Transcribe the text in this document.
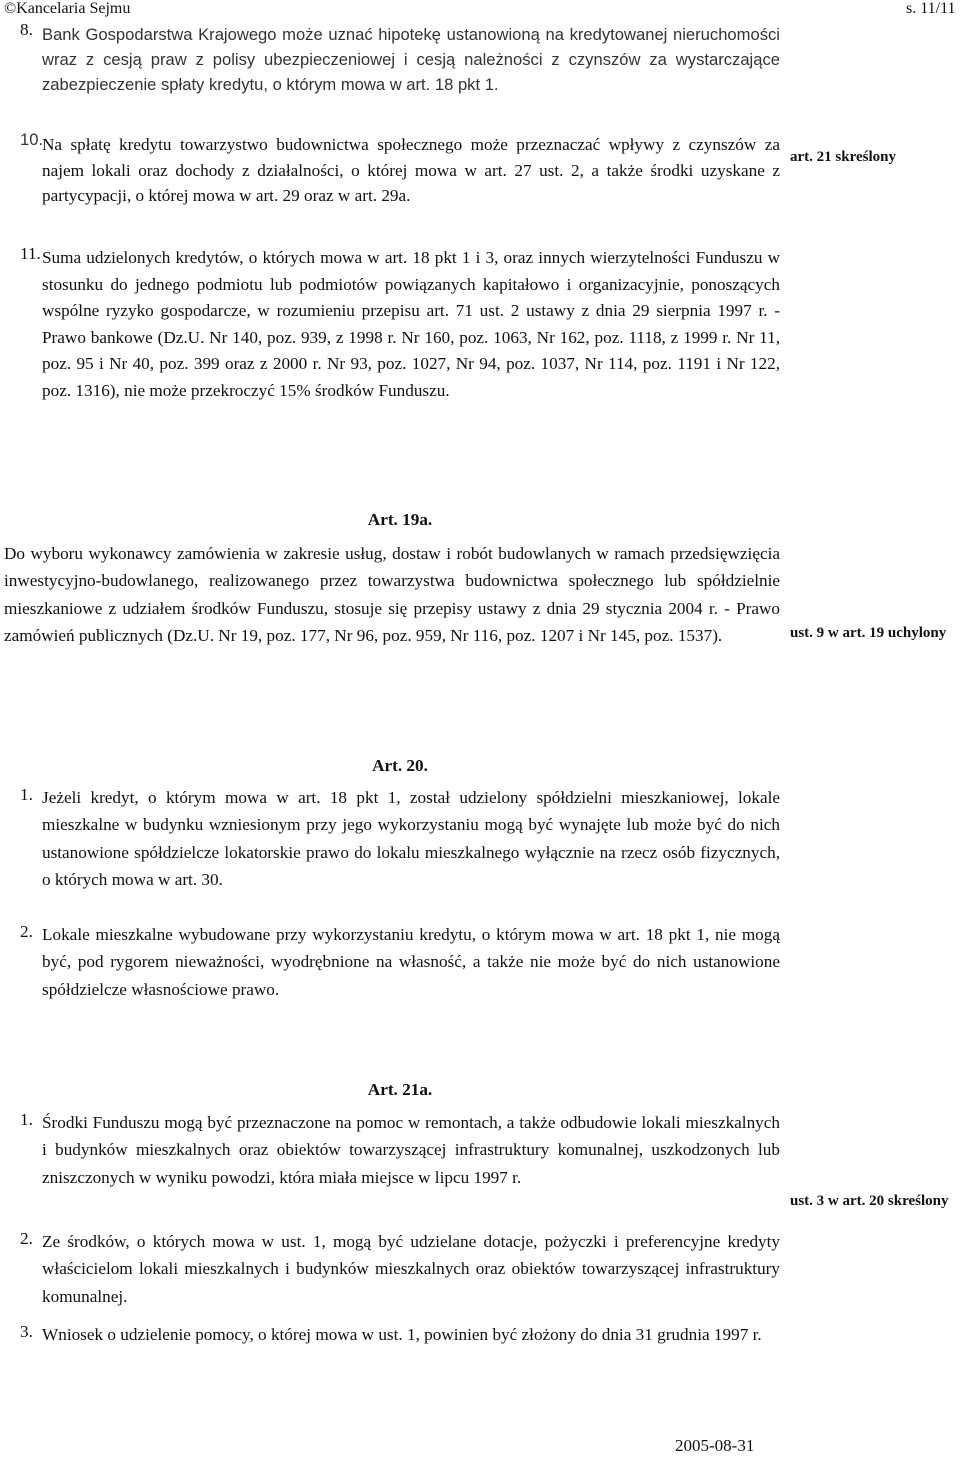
©Kancelaria Sejmu	s. 11/11
8. Bank Gospodarstwa Krajowego może uznać hipotekę ustanowioną na kredytowanej nieruchomości wraz z cesją praw z polisy ubezpieczeniowej i cesją należności z czynszów za wystarczające zabezpieczenie spłaty kredytu, o którym mowa w art. 18 pkt 1.
10.
Na spłatę kredytu towarzystwo budownictwa społecznego może przeznaczać wpływy z czynszów za najem lokali oraz dochody z działalności, o której mowa w art. 27 ust. 2, a także środki uzyskane z partycypacji, o której mowa w art. 29 oraz w art. 29a.
11. Suma udzielonych kredytów, o których mowa w art. 18 pkt 1 i 3, oraz innych wierzytelności Funduszu w stosunku do jednego podmiotu lub podmiotów powiązanych kapitałowo i organizacyjnie, ponoszących wspólne ryzyko gospodarcze, w rozumieniu przepisu art. 71 ust. 2 ustawy z dnia 29 sierpnia 1997 r. - Prawo bankowe (Dz.U. Nr 140, poz. 939, z 1998 r. Nr 160, poz. 1063, Nr 162, poz. 1118, z 1999 r. Nr 11, poz. 95 i Nr 40, poz. 399 oraz z 2000 r. Nr 93, poz. 1027, Nr 94, poz. 1037, Nr 114, poz. 1191 i Nr 122, poz. 1316), nie może przekroczyć 15% środków Funduszu.
art. 21 skreślony
Art. 19a.
Do wyboru wykonawcy zamówienia w zakresie usług, dostaw i robót budowlanych w ramach przedsięwzięcia inwestycyjno-budowlanego, realizowanego przez towarzystwa budownictwa społecznego lub spółdzielnie mieszkaniowe z udziałem środków Funduszu, stosuje się przepisy ustawy z dnia 29 stycznia 2004 r. - Prawo zamówień publicznych (Dz.U. Nr 19, poz. 177, Nr 96, poz. 959, Nr 116, poz. 1207 i Nr 145, poz. 1537).	ust. 9 w art. 19 uchylony
Art. 20.
1. Jeżeli kredyt, o którym mowa w art. 18 pkt 1, został udzielony spółdzielni mieszkaniowej, lokale mieszkalne w budynku wzniesionym przy jego wykorzystaniu mogą być wynajęte lub może być do nich ustanowione spółdzielcze lokatorskie prawo do lokalu mieszkalnego wyłącznie na rzecz osób fizycznych, o których mowa w art. 30.
2. Lokale mieszkalne wybudowane przy wykorzystaniu kredytu, o którym mowa w art. 18 pkt 1, nie mogą być, pod rygorem nieważności, wyodrębnione na własność, a także nie może być do nich ustanowione spółdzielcze własnościowe prawo.
Art. 21a.
1. Środki Funduszu mogą być przeznaczone na pomoc w remontach, a także odbudowie lokali mieszkalnych i budynków mieszkalnych oraz obiektów towarzyszącej infrastruktury komunalnej, uszkodzonych lub zniszczonych w wyniku powodzi, która miała miejsce w lipcu 1997 r.
2. Ze środków, o których mowa w ust. 1, mogą być udzielane dotacje, pożyczki i preferencyjne kredyty właścicielom lokali mieszkalnych i budynków mieszkalnych oraz obiektów towarzyszącej infrastruktury komunalnej.
3. Wniosek o udzielenie pomocy, o której mowa w ust. 1, powinien być złożony do dnia 31 grudnia 1997 r.
ust. 3 w art. 20 skreślony
2005-08-31
